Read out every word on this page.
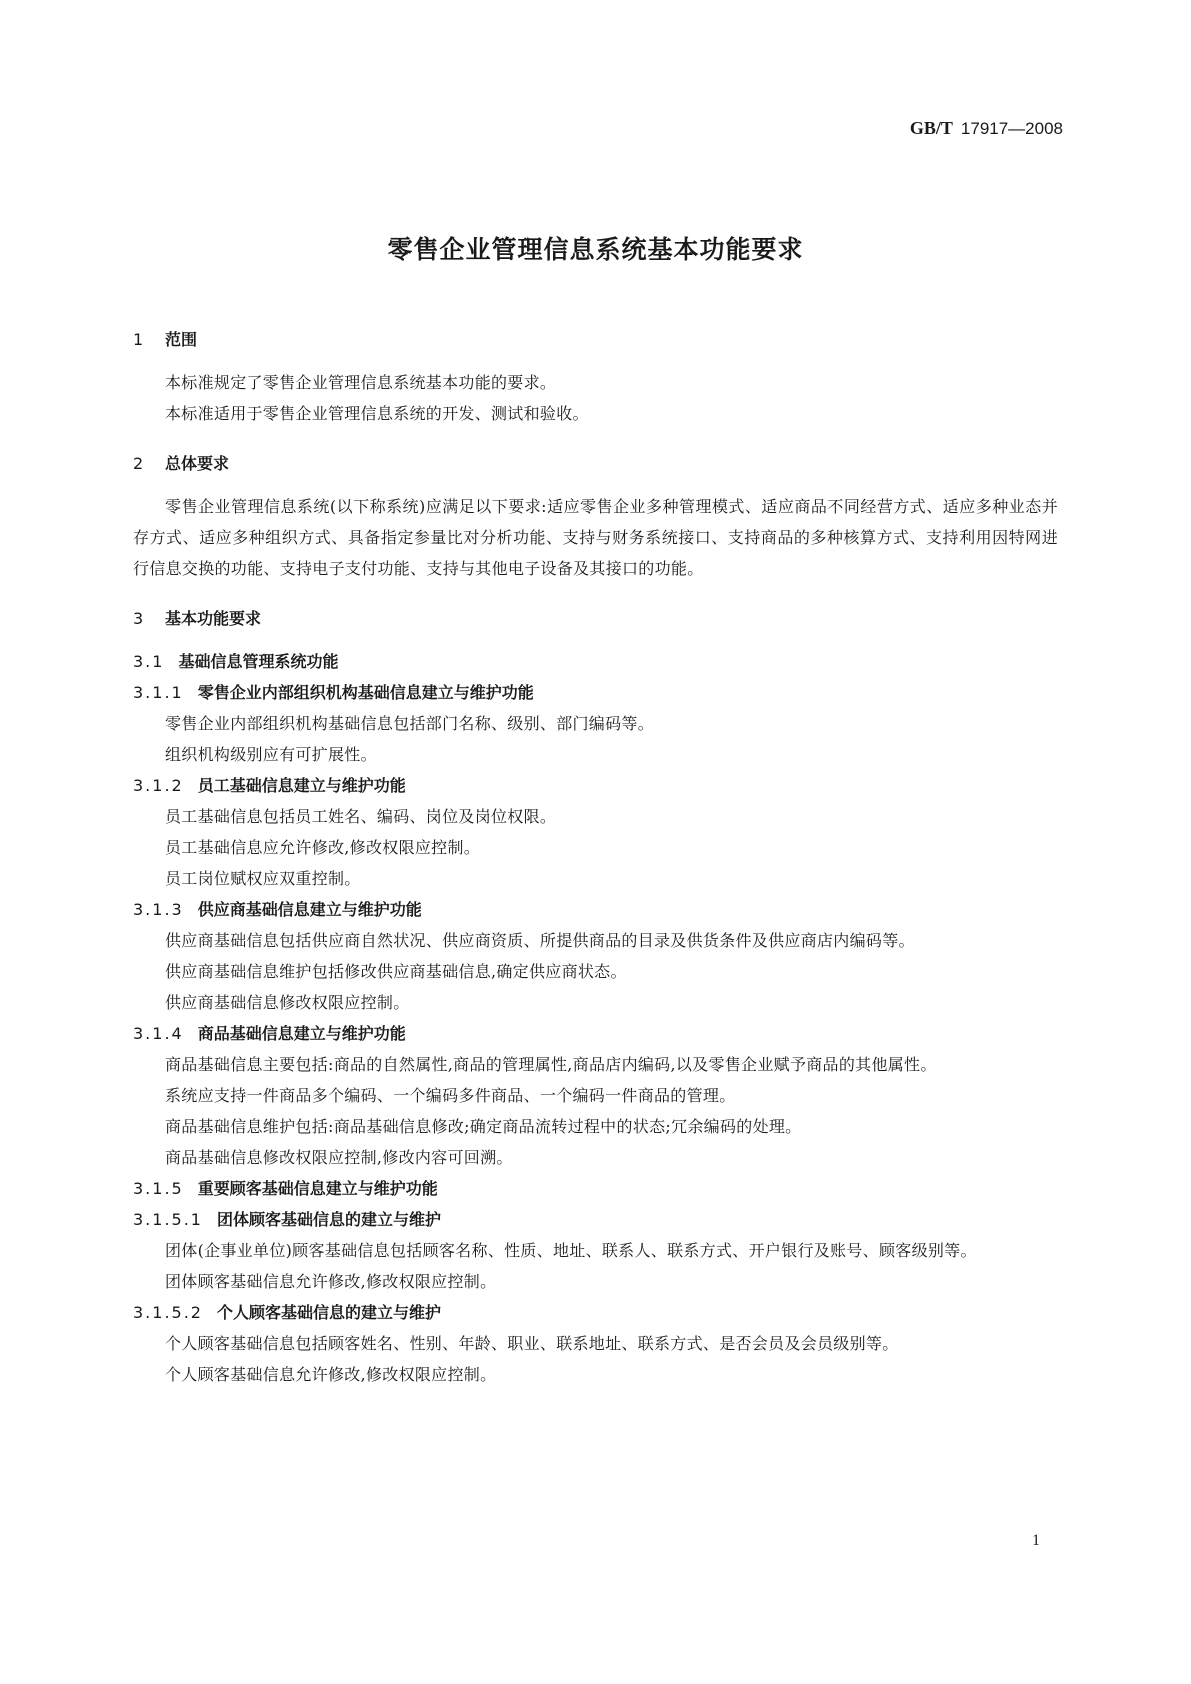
GB/T 17917—2008
零售企业管理信息系统基本功能要求
1 范围
本标准规定了零售企业管理信息系统基本功能的要求。
本标准适用于零售企业管理信息系统的开发、测试和验收。
2 总体要求
零售企业管理信息系统(以下称系统)应满足以下要求:适应零售企业多种管理模式、适应商品不同经营方式、适应多种业态并存方式、适应多种组织方式、具备指定参量比对分析功能、支持与财务系统接口、支持商品的多种核算方式、支持利用因特网进行信息交换的功能、支持电子支付功能、支持与其他电子设备及其接口的功能。
3 基本功能要求
3.1 基础信息管理系统功能
3.1.1 零售企业内部组织机构基础信息建立与维护功能
零售企业内部组织机构基础信息包括部门名称、级别、部门编码等。
组织机构级别应有可扩展性。
3.1.2 员工基础信息建立与维护功能
员工基础信息包括员工姓名、编码、岗位及岗位权限。
员工基础信息应允许修改,修改权限应控制。
员工岗位赋权应双重控制。
3.1.3 供应商基础信息建立与维护功能
供应商基础信息包括供应商自然状况、供应商资质、所提供商品的目录及供货条件及供应商店内编码等。
供应商基础信息维护包括修改供应商基础信息,确定供应商状态。
供应商基础信息修改权限应控制。
3.1.4 商品基础信息建立与维护功能
商品基础信息主要包括:商品的自然属性,商品的管理属性,商品店内编码,以及零售企业赋予商品的其他属性。
系统应支持一件商品多个编码、一个编码多件商品、一个编码一件商品的管理。
商品基础信息维护包括:商品基础信息修改;确定商品流转过程中的状态;冗余编码的处理。
商品基础信息修改权限应控制,修改内容可回溯。
3.1.5 重要顾客基础信息建立与维护功能
3.1.5.1 团体顾客基础信息的建立与维护
团体(企事业单位)顾客基础信息包括顾客名称、性质、地址、联系人、联系方式、开户银行及账号、顾客级别等。
团体顾客基础信息允许修改,修改权限应控制。
3.1.5.2 个人顾客基础信息的建立与维护
个人顾客基础信息包括顾客姓名、性别、年龄、职业、联系地址、联系方式、是否会员及会员级别等。
个人顾客基础信息允许修改,修改权限应控制。
1
